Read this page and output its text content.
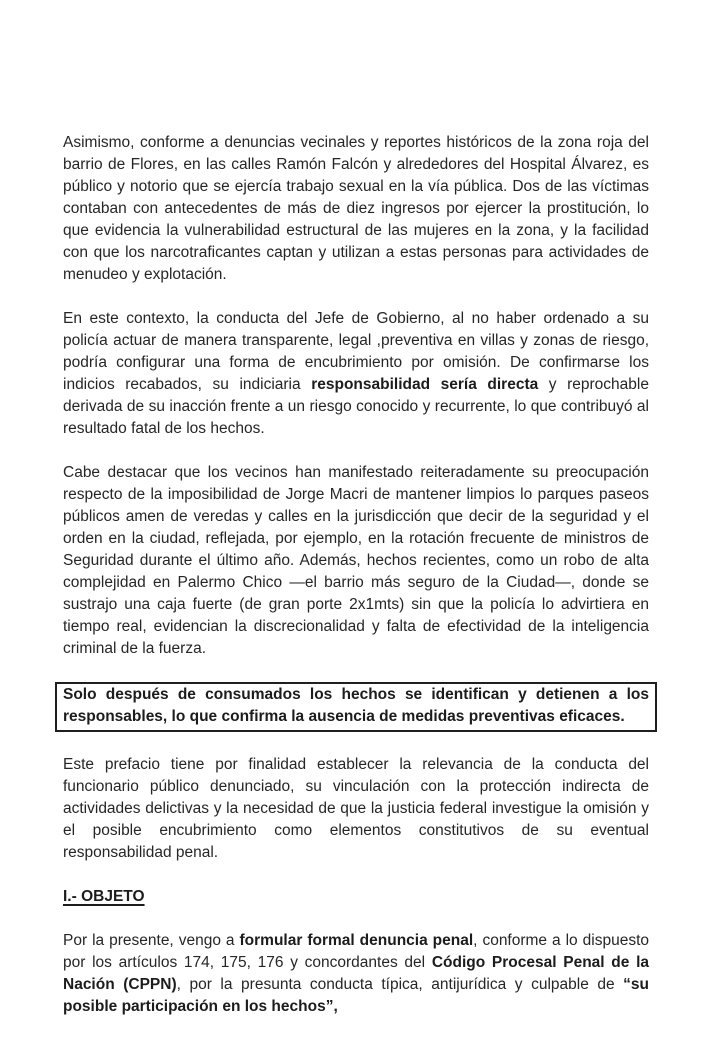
Asimismo, conforme a denuncias vecinales y reportes históricos de la zona roja del barrio de Flores, en las calles Ramón Falcón y alrededores del Hospital Álvarez, es público y notorio que se ejercía trabajo sexual en la vía pública. Dos de las víctimas contaban con antecedentes de más de diez ingresos por ejercer la prostitución, lo que evidencia la vulnerabilidad estructural de las mujeres en la zona, y la facilidad con que los narcotraficantes captan y utilizan a estas personas para actividades de menudeo y explotación.

En este contexto, la conducta del Jefe de Gobierno, al no haber ordenado a su policía actuar de manera transparente, legal ,preventiva en villas y zonas de riesgo, podría configurar una forma de encubrimiento por omisión. De confirmarse los indicios recabados, su indiciaria responsabilidad sería directa y reprochable derivada de su inacción frente a un riesgo conocido y recurrente, lo que contribuyó al resultado fatal de los hechos.

Cabe destacar que los vecinos han manifestado reiteradamente su preocupación respecto de la imposibilidad de Jorge Macri de mantener limpios lo parques paseos públicos amen de veredas y calles en la jurisdicción que decir de la seguridad y el orden en la ciudad, reflejada, por ejemplo, en la rotación frecuente de ministros de Seguridad durante el último año. Además, hechos recientes, como un robo de alta complejidad en Palermo Chico —el barrio más seguro de la Ciudad—, donde se sustrajo una caja fuerte (de gran porte 2x1mts) sin que la policía lo advirtiera en tiempo real, evidencian la discrecionalidad y falta de efectividad de la inteligencia criminal de la fuerza.

Solo después de consumados los hechos se identifican y detienen a los responsables, lo que confirma la ausencia de medidas preventivas eficaces.

Este prefacio tiene por finalidad establecer la relevancia de la conducta del funcionario público denunciado, su vinculación con la protección indirecta de actividades delictivas y la necesidad de que la justicia federal investigue la omisión y el posible encubrimiento como elementos constitutivos de su eventual responsabilidad penal.

I.- OBJETO

Por la presente, vengo a formular formal denuncia penal, conforme a lo dispuesto por los artículos 174, 175, 176 y concordantes del Código Procesal Penal de la Nación (CPPN), por la presunta conducta típica, antijurídica y culpable de “su posible participación en los hechos”,
